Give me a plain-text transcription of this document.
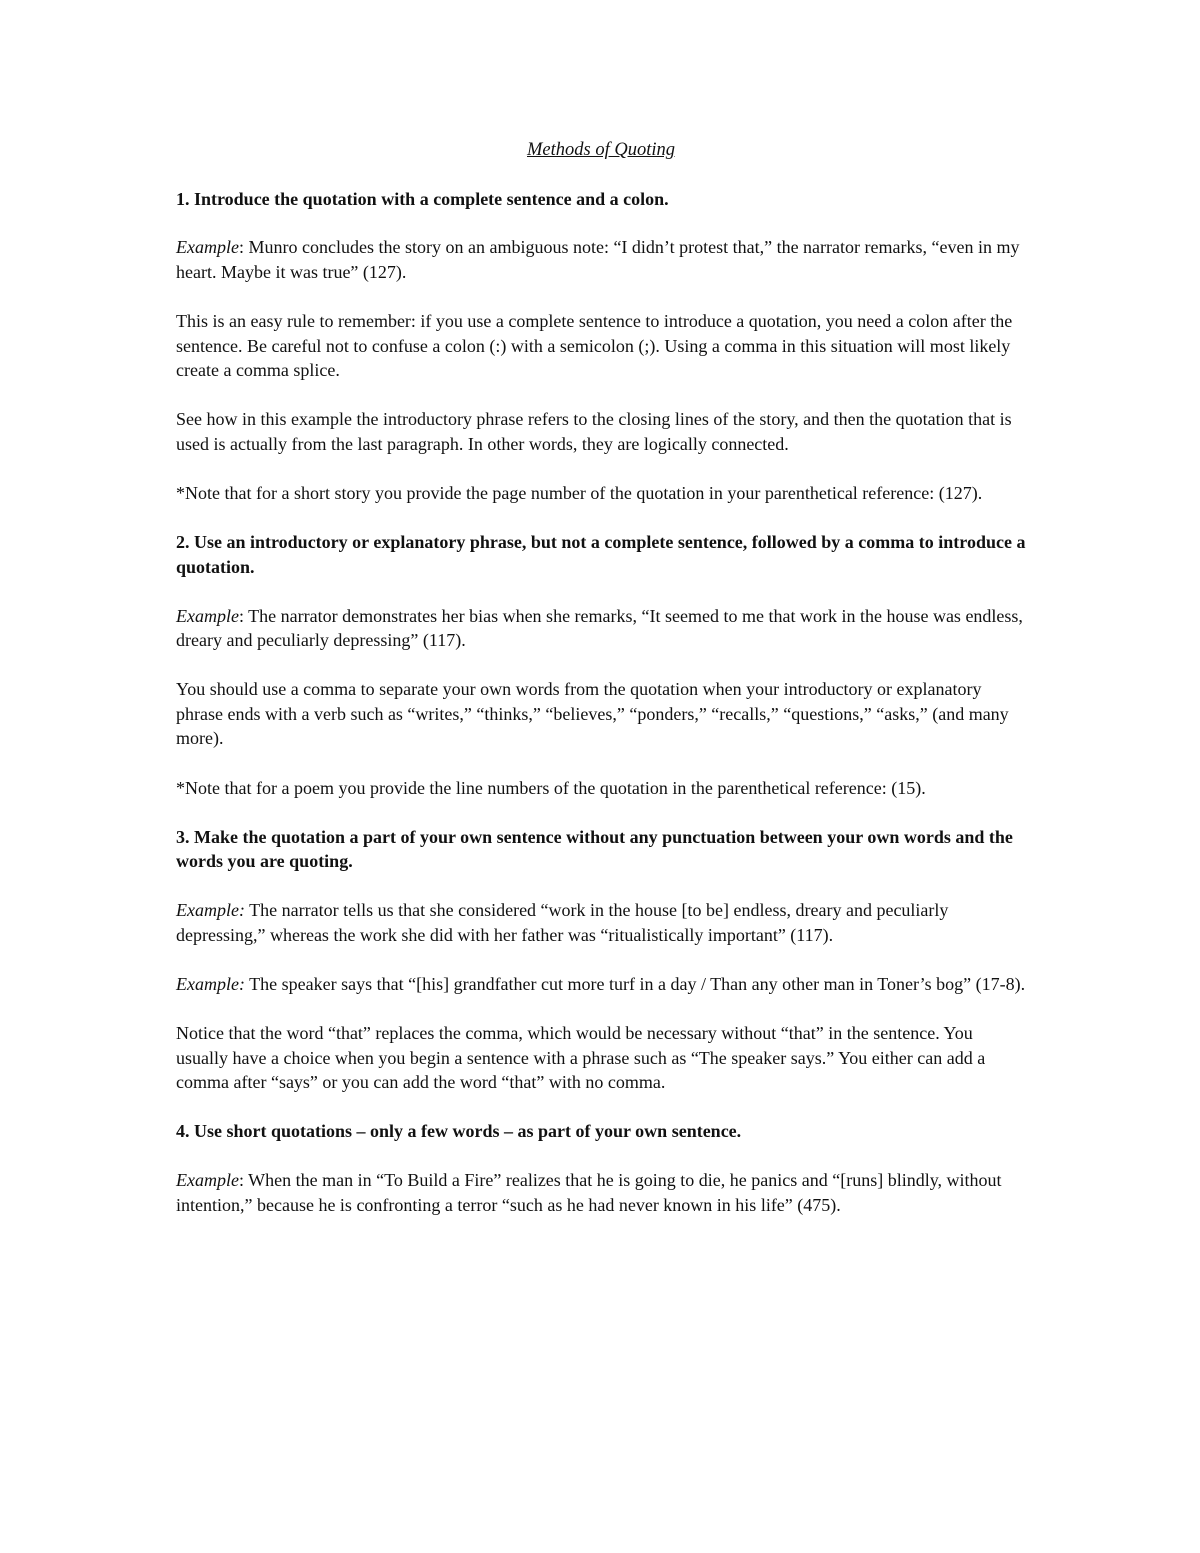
Methods of Quoting
1. Introduce the quotation with a complete sentence and a colon.

Example: Munro concludes the story on an ambiguous note: “I didn’t protest that,” the narrator remarks, “even in my heart. Maybe it was true” (127).

This is an easy rule to remember: if you use a complete sentence to introduce a quotation, you need a colon after the sentence. Be careful not to confuse a colon (:) with a semicolon (;). Using a comma in this situation will most likely create a comma splice.

See how in this example the introductory phrase refers to the closing lines of the story, and then the quotation that is used is actually from the last paragraph. In other words, they are logically connected.

*Note that for a short story you provide the page number of the quotation in your parenthetical reference: (127).

2. Use an introductory or explanatory phrase, but not a complete sentence, followed by a comma to introduce a quotation.

Example: The narrator demonstrates her bias when she remarks, “It seemed to me that work in the house was endless, dreary and peculiarly depressing” (117).

You should use a comma to separate your own words from the quotation when your introductory or explanatory phrase ends with a verb such as “writes,” “thinks,” “believes,” “ponders,” “recalls,” “questions,” “asks,” (and many more).

*Note that for a poem you provide the line numbers of the quotation in the parenthetical reference: (15).

3. Make the quotation a part of your own sentence without any punctuation between your own words and the words you are quoting.

Example: The narrator tells us that she considered “work in the house [to be] endless, dreary and peculiarly depressing,” whereas the work she did with her father was “ritualistically important” (117).

Example: The speaker says that “[his] grandfather cut more turf in a day / Than any other man in Toner’s bog” (17-8).

Notice that the word “that” replaces the comma, which would be necessary without “that” in the sentence. You usually have a choice when you begin a sentence with a phrase such as “The speaker says.” You either can add a comma after “says” or you can add the word “that” with no comma.

4. Use short quotations – only a few words – as part of your own sentence.

Example: When the man in “To Build a Fire” realizes that he is going to die, he panics and “[runs] blindly, without intention,” because he is confronting a terror “such as he had never known in his life” (475).
